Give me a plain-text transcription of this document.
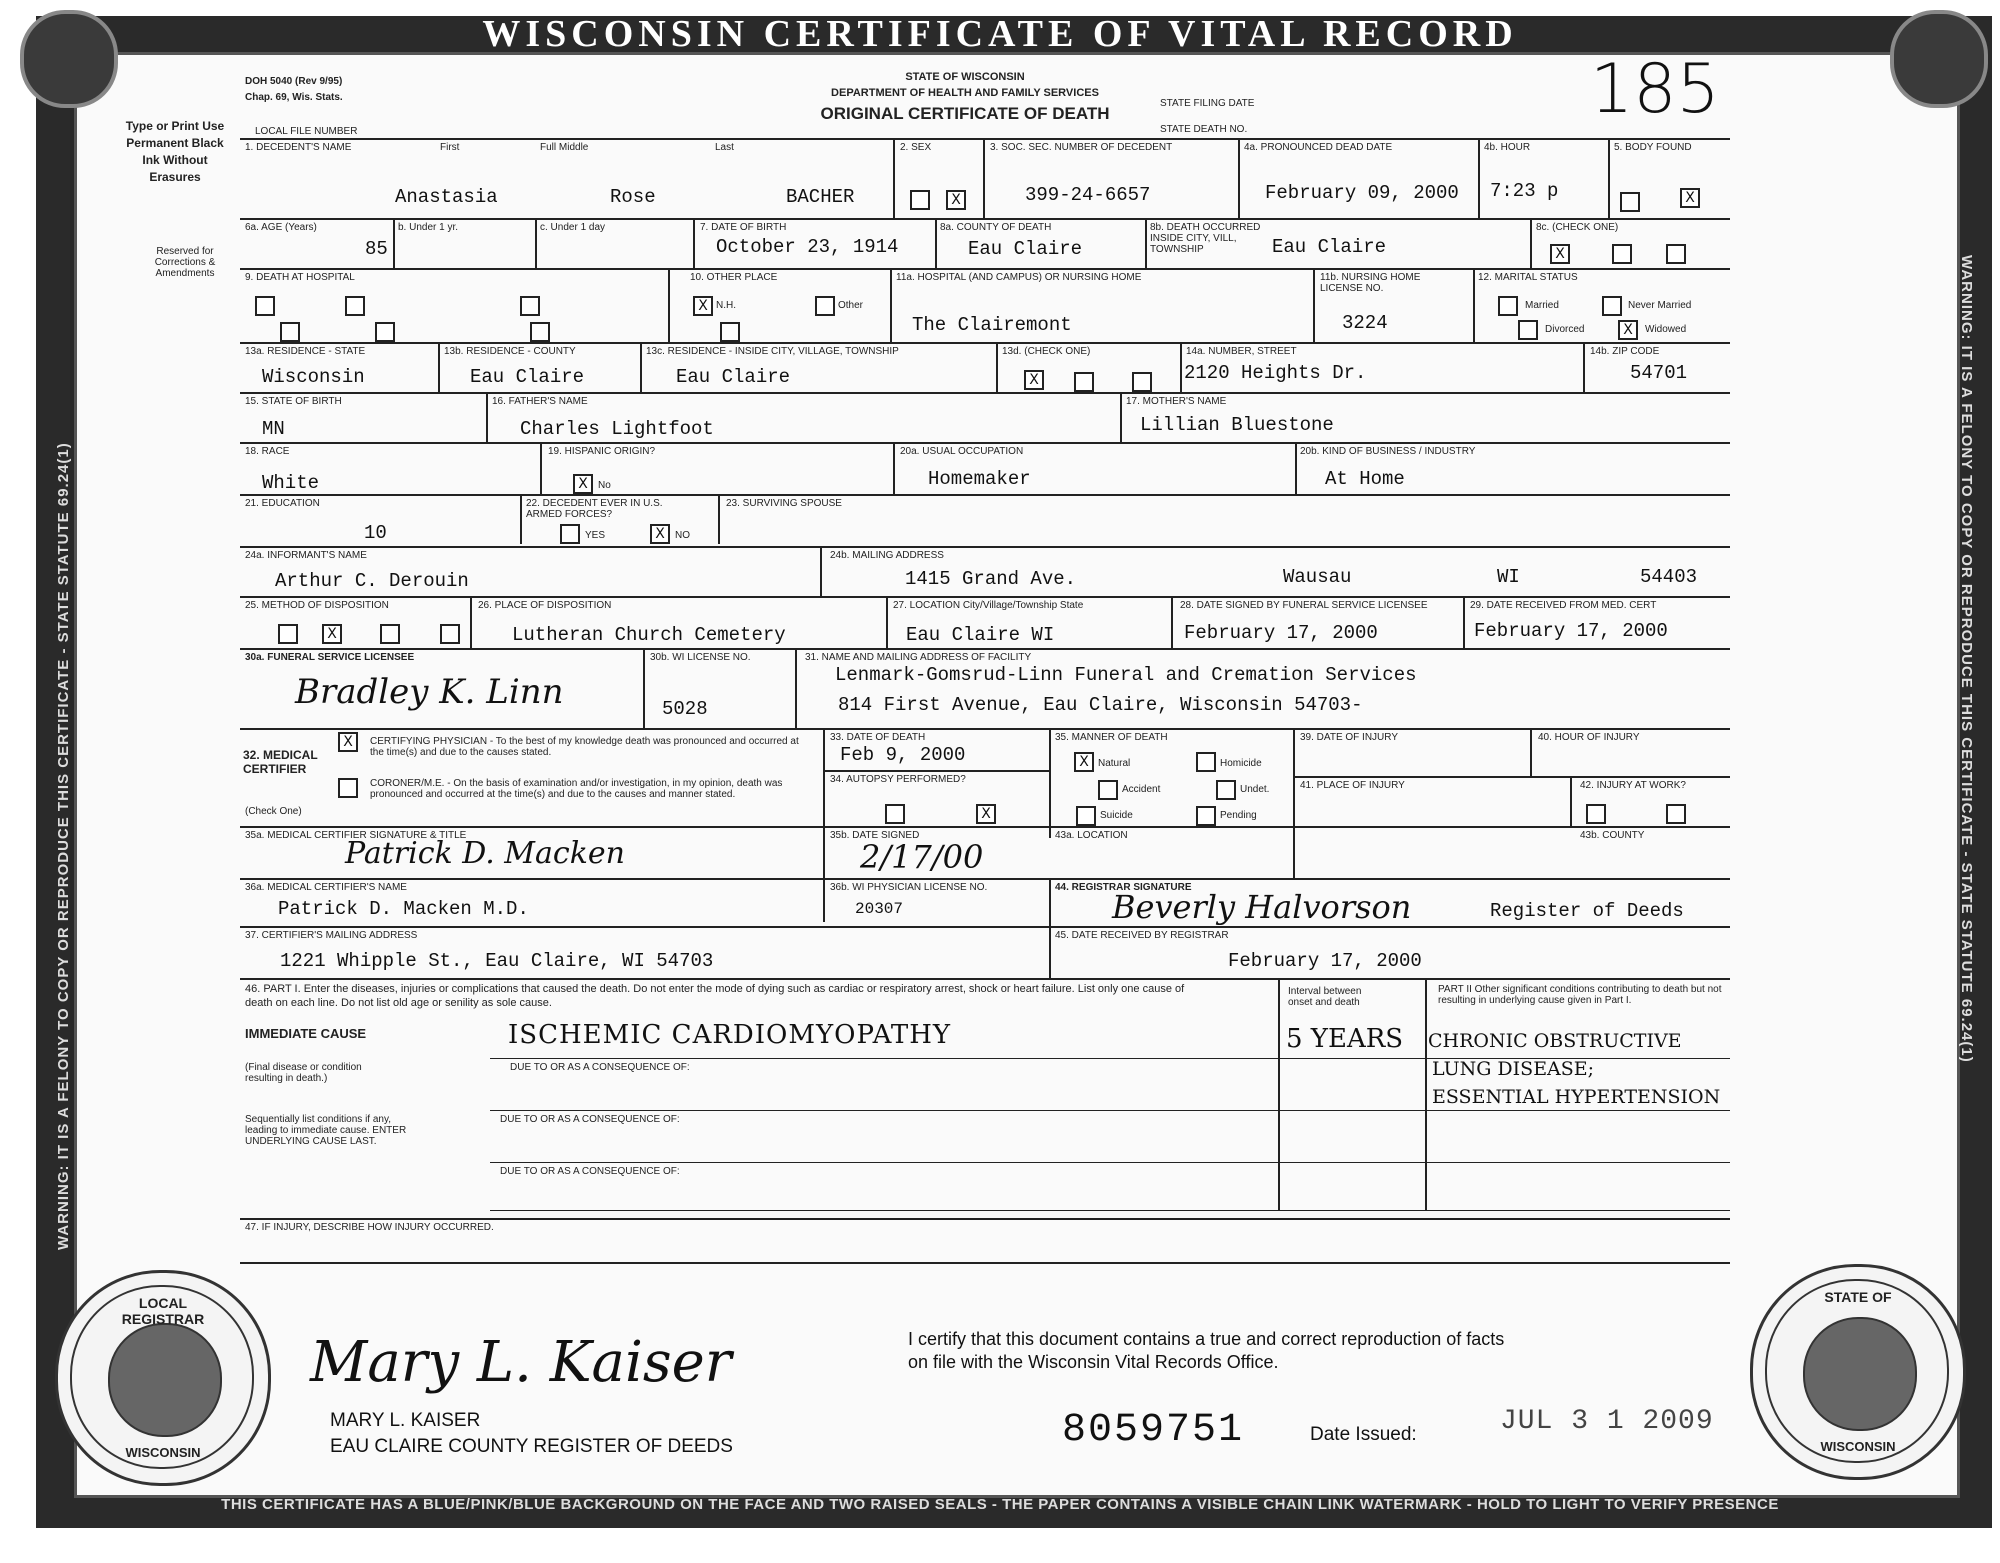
WISCONSIN CERTIFICATE OF VITAL RECORD
WARNING: IT IS A FELONY TO COPY OR REPRODUCE THIS CERTIFICATE - STATE STATUTE 69.24(1)	WARNING: IT IS A FELONY TO COPY OR REPRODUCE THIS CERTIFICATE - STATE STATUTE 69.24(1)
THIS CERTIFICATE HAS A BLUE/PINK/BLUE BACKGROUND ON THE FACE AND TWO RAISED SEALS - THE PAPER CONTAINS A VISIBLE CHAIN LINK WATERMARK - HOLD TO LIGHT TO VERIFY PRESENCE
DOH 5040 (Rev 9/95)
Chap. 69, Wis. Stats.
LOCAL FILE NUMBER
Type or Print Use Permanent Black Ink Without Erasures
Reserved for Corrections & Amendments
STATE OF WISCONSIN
DEPARTMENT OF HEALTH AND FAMILY SERVICES
ORIGINAL CERTIFICATE OF DEATH
STATE FILING DATE
STATE DEATH NO.
185
1. DECEDENT'S NAME	First	Full Middle	Last
Anastasia	Rose	BACHER
2. SEX
X
3. SOC. SEC. NUMBER OF DECEDENT
399-24-6657
4a. PRONOUNCED DEAD DATE
February 09, 2000
4b. HOUR
7:23 p
5. BODY FOUND
X
6a. AGE (Years)
85
b. Under 1 yr.	c. Under 1 day	7. DATE OF BIRTH
October 23, 1914
8a. COUNTY OF DEATH
Eau Claire
8b. DEATH OCCURRED INSIDE CITY, VILL, TOWNSHIP	Eau Claire
8c. (CHECK ONE)
X
9. DEATH AT HOSPITAL	10. OTHER PLACE
X N.H.	Other
11a. HOSPITAL (AND CAMPUS) OR NURSING HOME
The Clairemont
11b. NURSING HOME LICENSE NO.
3224
12. MARITAL STATUS
Married	Never Married
Divorced	X	Widowed
13a. RESIDENCE - STATE
Wisconsin
13b. RESIDENCE - COUNTY
Eau Claire
13c. RESIDENCE - INSIDE CITY, VILLAGE, TOWNSHIP
Eau Claire
13d. (CHECK ONE)
X
14a. NUMBER, STREET
2120 Heights Dr.
14b. ZIP CODE
54701
15. STATE OF BIRTH
MN
16. FATHER'S NAME
Charles Lightfoot
17. MOTHER'S NAME
Lillian Bluestone
18. RACE
White
19. HISPANIC ORIGIN?
X	No
20a. USUAL OCCUPATION
Homemaker
20b. KIND OF BUSINESS / INDUSTRY
At Home
21. EDUCATION
10
22. DECEDENT EVER IN U.S. ARMED FORCES?
YES	X	NO
23. SURVIVING SPOUSE
24a. INFORMANT'S NAME
Arthur C. Derouin
24b. MAILING ADDRESS
1415 Grand Ave.	Wausau	WI	54403
25. METHOD OF DISPOSITION
X
26. PLACE OF DISPOSITION
Lutheran Church Cemetery
27. LOCATION City/Village/Township State
Eau Claire WI
28. DATE SIGNED BY FUNERAL SERVICE LICENSEE
February 17, 2000
29. DATE RECEIVED FROM MED. CERT
February 17, 2000
30a. FUNERAL SERVICE LICENSEE
Bradley K. Linn
30b. WI LICENSE NO.
5028
31. NAME AND MAILING ADDRESS OF FACILITY
Lenmark-Gomsrud-Linn Funeral and Cremation Services
814 First Avenue, Eau Claire, Wisconsin 54703-
32. MEDICAL CERTIFIER
X	CERTIFYING PHYSICIAN - To the best of my knowledge death was pronounced and occurred at the time(s) and due to the causes stated.
CORONER/M.E. - On the basis of examination and/or investigation, in my opinion, death was pronounced and occurred at the time(s) and due to the causes and manner stated.
(Check One)
33. DATE OF DEATH
Feb 9, 2000
34. AUTOPSY PERFORMED?
X
35. MANNER OF DEATH
X Natural	Homicide
Accident	Undet.
Suicide	Pending
39. DATE OF INJURY	40. HOUR OF INJURY
41. PLACE OF INJURY	42. INJURY AT WORK?
43a. LOCATION	43b. COUNTY
35a. MEDICAL CERTIFIER SIGNATURE & TITLE
Patrick D. Macken
35b. DATE SIGNED
2/17/00
36a. MEDICAL CERTIFIER'S NAME
Patrick D. Macken M.D.
36b. WI PHYSICIAN LICENSE NO.
20307
44. REGISTRAR SIGNATURE
Beverly Halvorson	Register of Deeds
37. CERTIFIER'S MAILING ADDRESS
1221 Whipple St., Eau Claire, WI 54703
45. DATE RECEIVED BY REGISTRAR
February 17, 2000
46. PART I. Enter the diseases, injuries or complications that caused the death. Do not enter the mode of dying such as cardiac or respiratory arrest, shock or heart failure. List only one cause of death on each line. Do not list old age or senility as sole cause.
IMMEDIATE CAUSE
(Final disease or condition resulting in death.)
Sequentially list conditions if any, leading to immediate cause. ENTER UNDERLYING CAUSE LAST.
ISCHEMIC CARDIOMYOPATHY
DUE TO OR AS A CONSEQUENCE OF:
DUE TO OR AS A CONSEQUENCE OF:
DUE TO OR AS A CONSEQUENCE OF:
Interval between onset and death
5 YEARS
PART II Other significant conditions contributing to death but not resulting in underlying cause given in Part I.
CHRONIC OBSTRUCTIVE
LUNG DISEASE;
ESSENTIAL HYPERTENSION
47. IF INJURY, DESCRIBE HOW INJURY OCCURRED.
LOCAL REGISTRAR
WISCONSIN
STATE OF
WISCONSIN
Mary L. Kaiser
MARY L. KAISER
EAU CLAIRE COUNTY REGISTER OF DEEDS
I certify that this document contains a true and correct reproduction of facts on file with the Wisconsin Vital Records Office.
8059751	Date Issued:	JUL 3 1 2009
